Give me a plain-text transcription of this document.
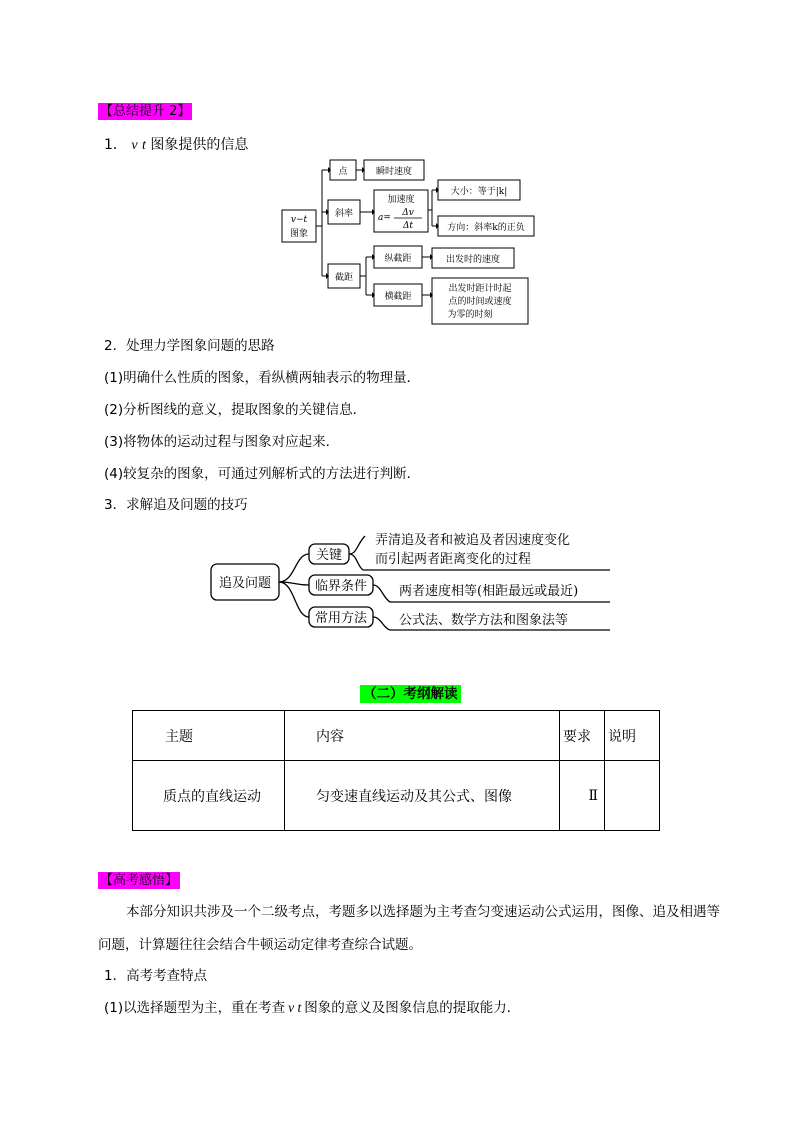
【总结提升 2】
1． v t 图象提供的信息
v−t
图象
点	瞬时速度
斜率
加速度
a= Δv
Δt
大小：等于|k|
方向：斜率k的正负
截距
纵截距	出发时的速度
横截距
出发时距计时起
点的时间或速度
为零的时刻
2．处理力学图象问题的思路
(1)明确什么性质的图象，看纵横两轴表示的物理量．
(2)分析图线的意义，提取图象的关键信息．
(3)将物体的运动过程与图象对应起来．
(4)较复杂的图象，可通过列解析式的方法进行判断．
3．求解追及问题的技巧
追及问题
关键
临界条件
常用方法
弄清追及者和被追及者因速度变化
而引起两者距离变化的过程
两者速度相等(相距最远或最近)
公式法、数学方法和图象法等
（二）考纲解读
主题	内容	要求	说明

质点的直线运动	匀变速直线运动及其公式、图像	Ⅱ	

【高考感悟】
本部分知识共涉及一个二级考点，考题多以选择题为主考查匀变速运动公式运用，图像、追及相遇等
问题，计算题往往会结合牛顿运动定律考查综合试题。
1．高考考查特点
(1)以选择题型为主，重在考查 v t 图象的意义及图象信息的提取能力．
